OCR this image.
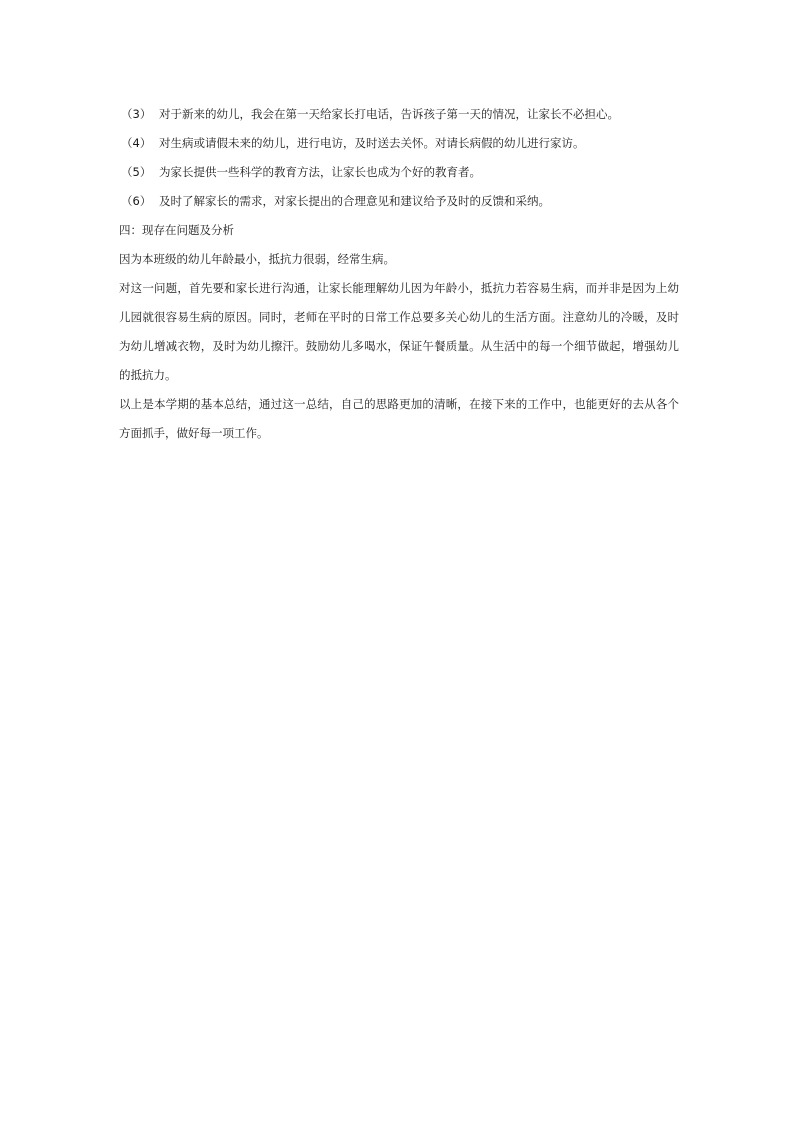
（3） 对于新来的幼儿，我会在第一天给家长打电话，告诉孩子第一天的情况，让家长不必担心。
（4） 对生病或请假未来的幼儿，进行电访，及时送去关怀。对请长病假的幼儿进行家访。
（5） 为家长提供一些科学的教育方法，让家长也成为个好的教育者。
（6） 及时了解家长的需求，对家长提出的合理意见和建议给予及时的反馈和采纳。
四：现存在问题及分析
因为本班级的幼儿年龄最小，抵抗力很弱，经常生病。
对这一问题，首先要和家长进行沟通，让家长能理解幼儿因为年龄小，抵抗力若容易生病，而并非是因为上幼儿园就很容易生病的原因。同时，老师在平时的日常工作总要多关心幼儿的生活方面。注意幼儿的冷暖，及时为幼儿增减衣物，及时为幼儿擦汗。鼓励幼儿多喝水，保证午餐质量。从生活中的每一个细节做起，增强幼儿的抵抗力。
以上是本学期的基本总结，通过这一总结，自己的思路更加的清晰，在接下来的工作中，也能更好的去从各个方面抓手，做好每一项工作。
